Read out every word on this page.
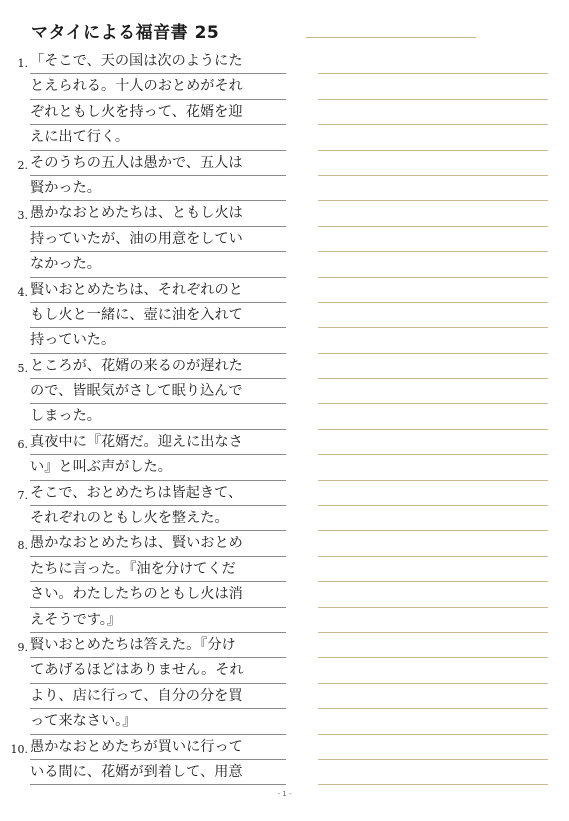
マタイによる福音書 25
1. 「そこで、天の国は次のようにた
とえられる。十人のおとめがそれ
ぞれともし火を持って、花婿を迎
えに出て行く。
2. そのうちの五人は愚かで、五人は
賢かった。
3. 愚かなおとめたちは、ともし火は
持っていたが、油の用意をしてい
なかった。
4. 賢いおとめたちは、それぞれのと
もし火と一緒に、壺に油を入れて
持っていた。
5. ところが、花婿の来るのが遅れた
ので、皆眠気がさして眠り込んで
しまった。
6. 真夜中に『花婿だ。迎えに出なさ
い』と叫ぶ声がした。
7. そこで、おとめたちは皆起きて、
それぞれのともし火を整えた。
8. 愚かなおとめたちは、賢いおとめ
たちに言った。『油を分けてくだ
さい。わたしたちのともし火は消
えそうです。』
9. 賢いおとめたちは答えた。『分け
てあげるほどはありません。それ
より、店に行って、自分の分を買
って来なさい。』
10. 愚かなおとめたちが買いに行って
いる間に、花婿が到着して、用意
- 1 -
